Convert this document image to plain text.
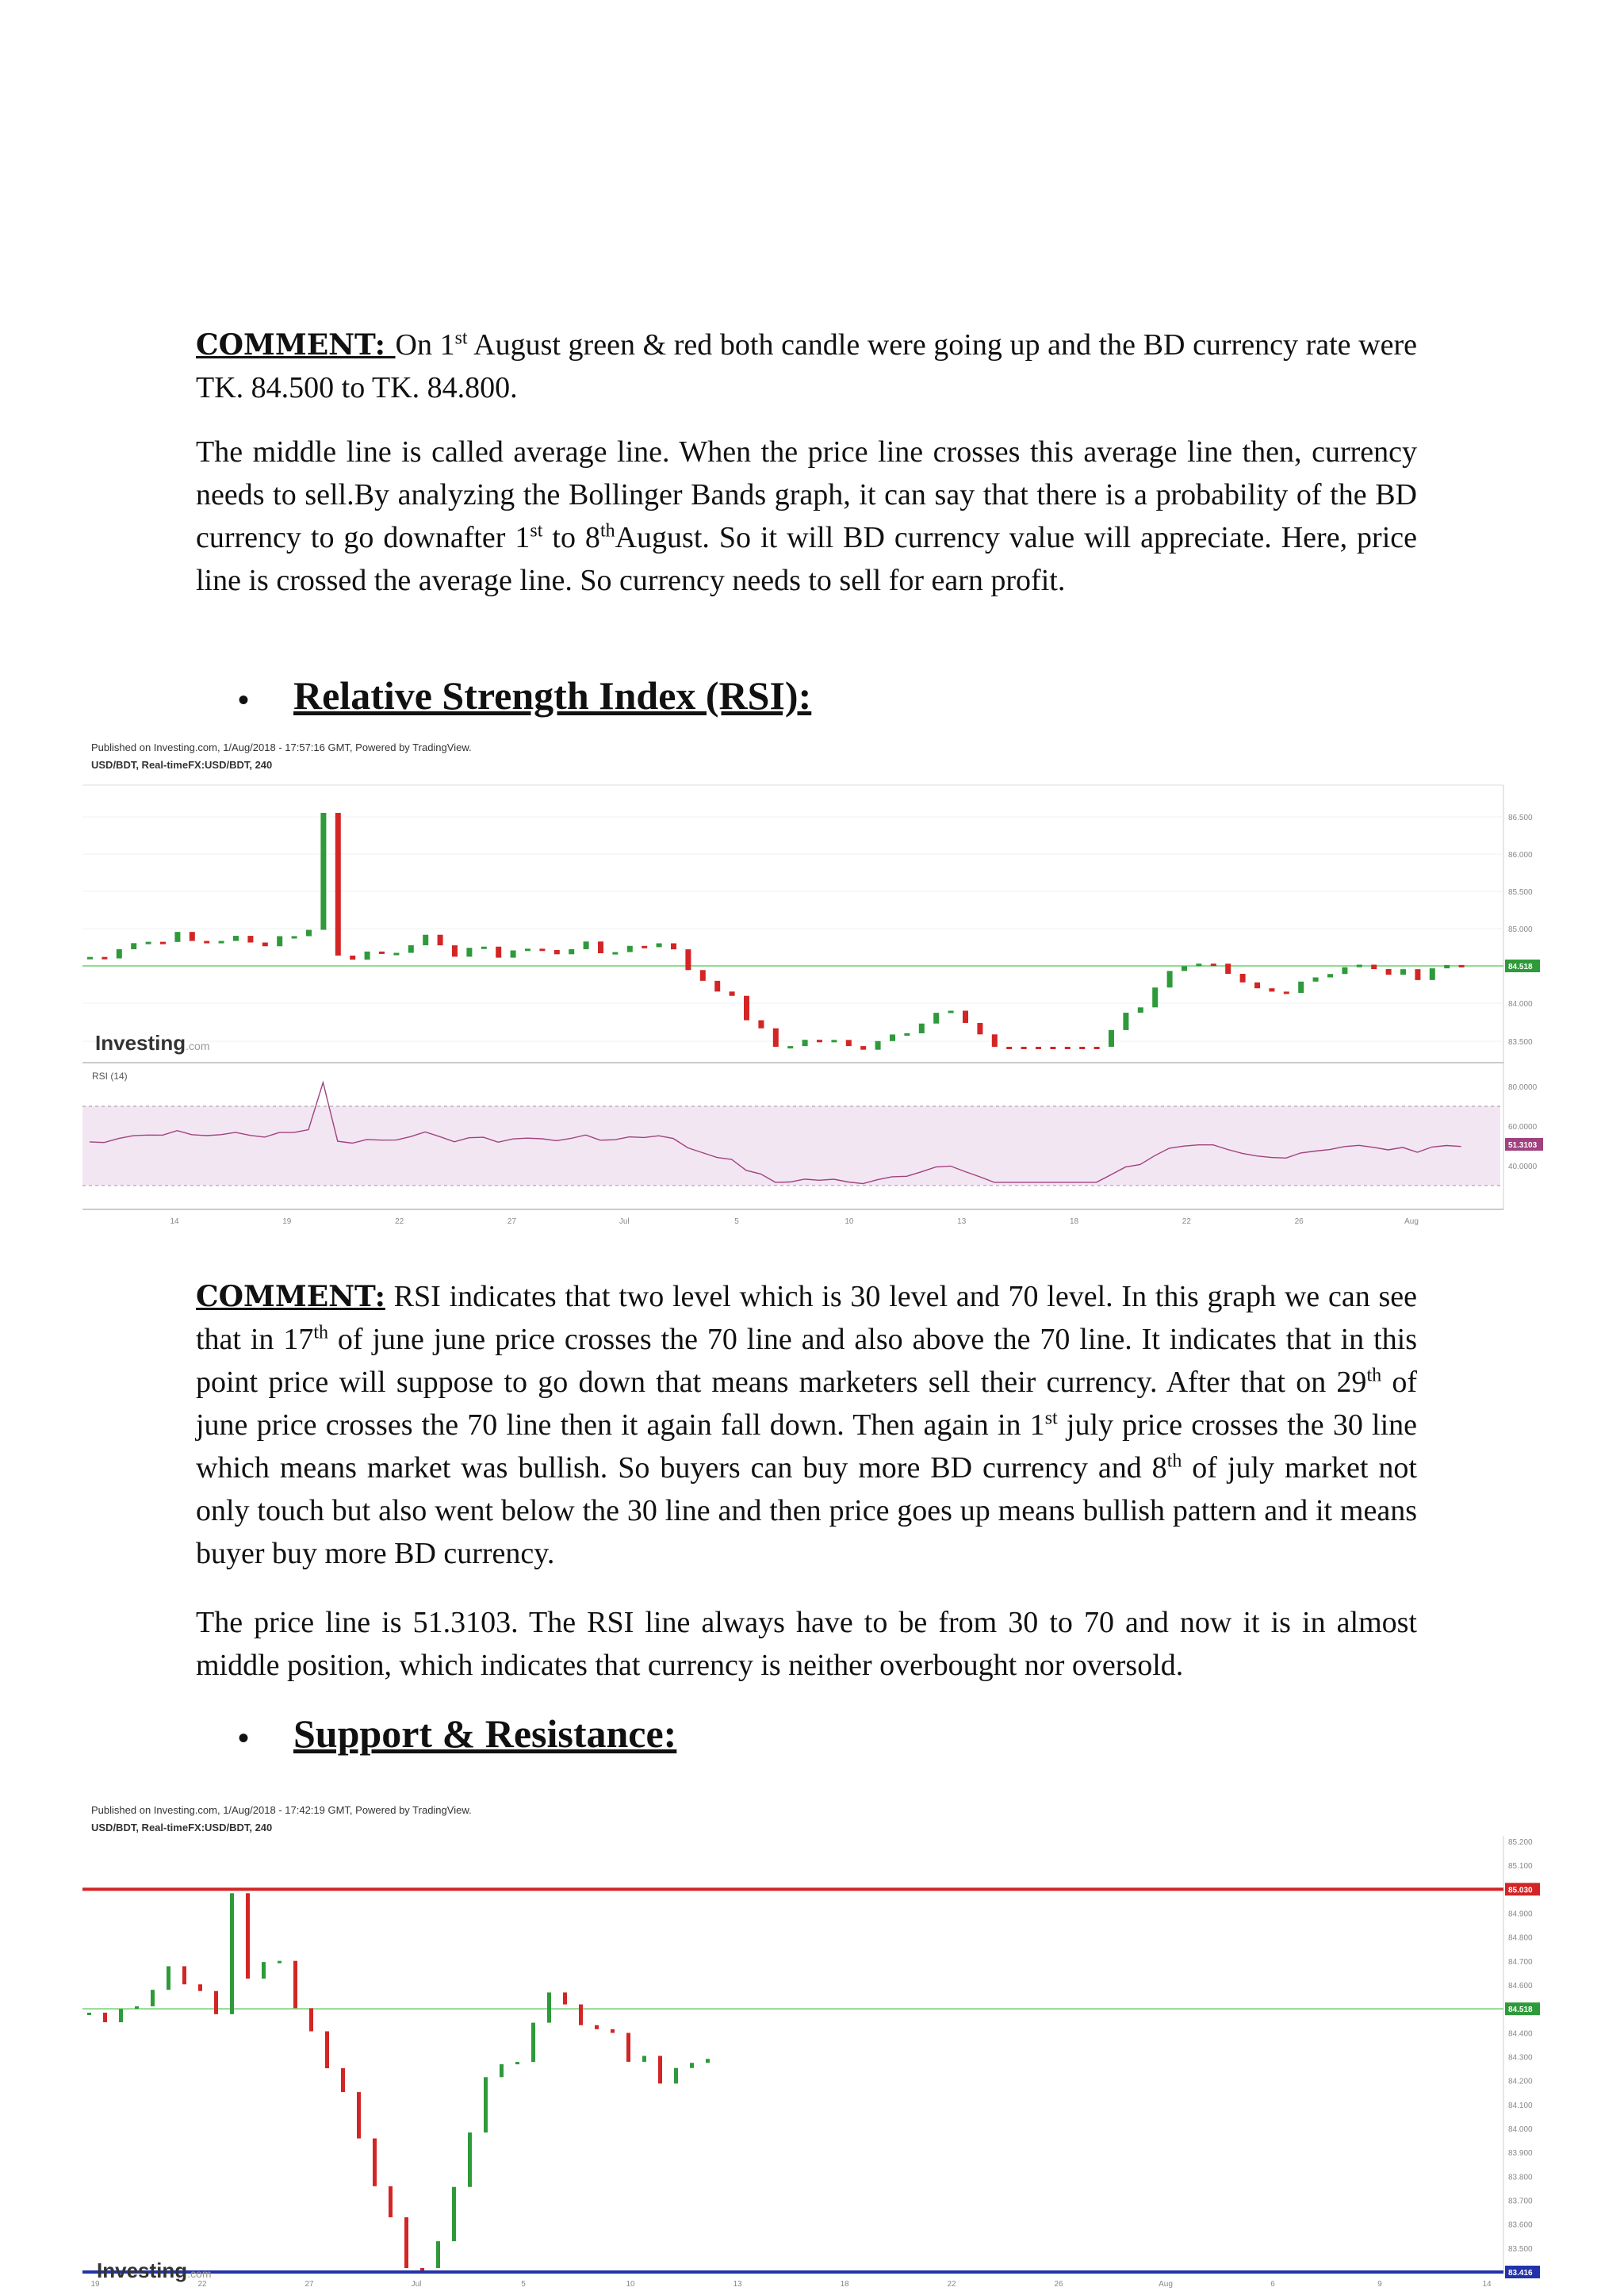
COMMENT: On 1st August green & red both candle were going up and the BD currency rate were TK. 84.500 to TK. 84.800.

The middle line is called average line. When the price line crosses this average line then, currency needs to sell.By analyzing the Bollinger Bands graph, it can say that there is a probability of the BD currency to go downafter 1st to 8thAugust. So it will BD currency value will appreciate. Here, price line is crossed the average line. So currency needs to sell for earn profit.

• Relative Strength Index (RSI):
Published on Investing.com, 1/Aug/2018 - 17:57:16 GMT, Powered by TradingView.
USD/BDT, Real-timeFX:USD/BDT, 240
86.500
86.000
85.500
85.000
84.518
84.000
83.500
80.0000
60.0000
51.3103
40.0000
14	19	22	27	Jul	5	10	13	18	22	26	Aug
Investing.com
RSI (14)

COMMENT: RSI indicates that two level which is 30 level and 70 level. In this graph we can see that in 17th of june june price crosses the 70 line and also above the 70 line. It indicates that in this point price will suppose to go down that means marketers sell their currency. After that on 29th of june price crosses the 70 line then it again fall down. Then again in 1st july price crosses the 30 line which means market was bullish. So buyers can buy more BD currency and 8th of july market not only touch but also went below the 30 line and then price goes up means bullish pattern and it means buyer buy more BD currency.

The price line is 51.3103. The RSI line always have to be from 30 to 70 and now it is in almost middle position, which indicates that currency is neither overbought nor oversold.

• Support & Resistance:
Published on Investing.com, 1/Aug/2018 - 17:42:19 GMT, Powered by TradingView.
USD/BDT, Real-timeFX:USD/BDT, 240
85.200
85.100
85.030
84.900
84.800
84.700
84.600
84.518
84.400
84.300
84.200
84.100
84.000
83.900
83.800
83.700
83.600
83.500
83.416
19	22	27	Jul	5	10	13	18	22	26	Aug	6	9	14
Investing.com
